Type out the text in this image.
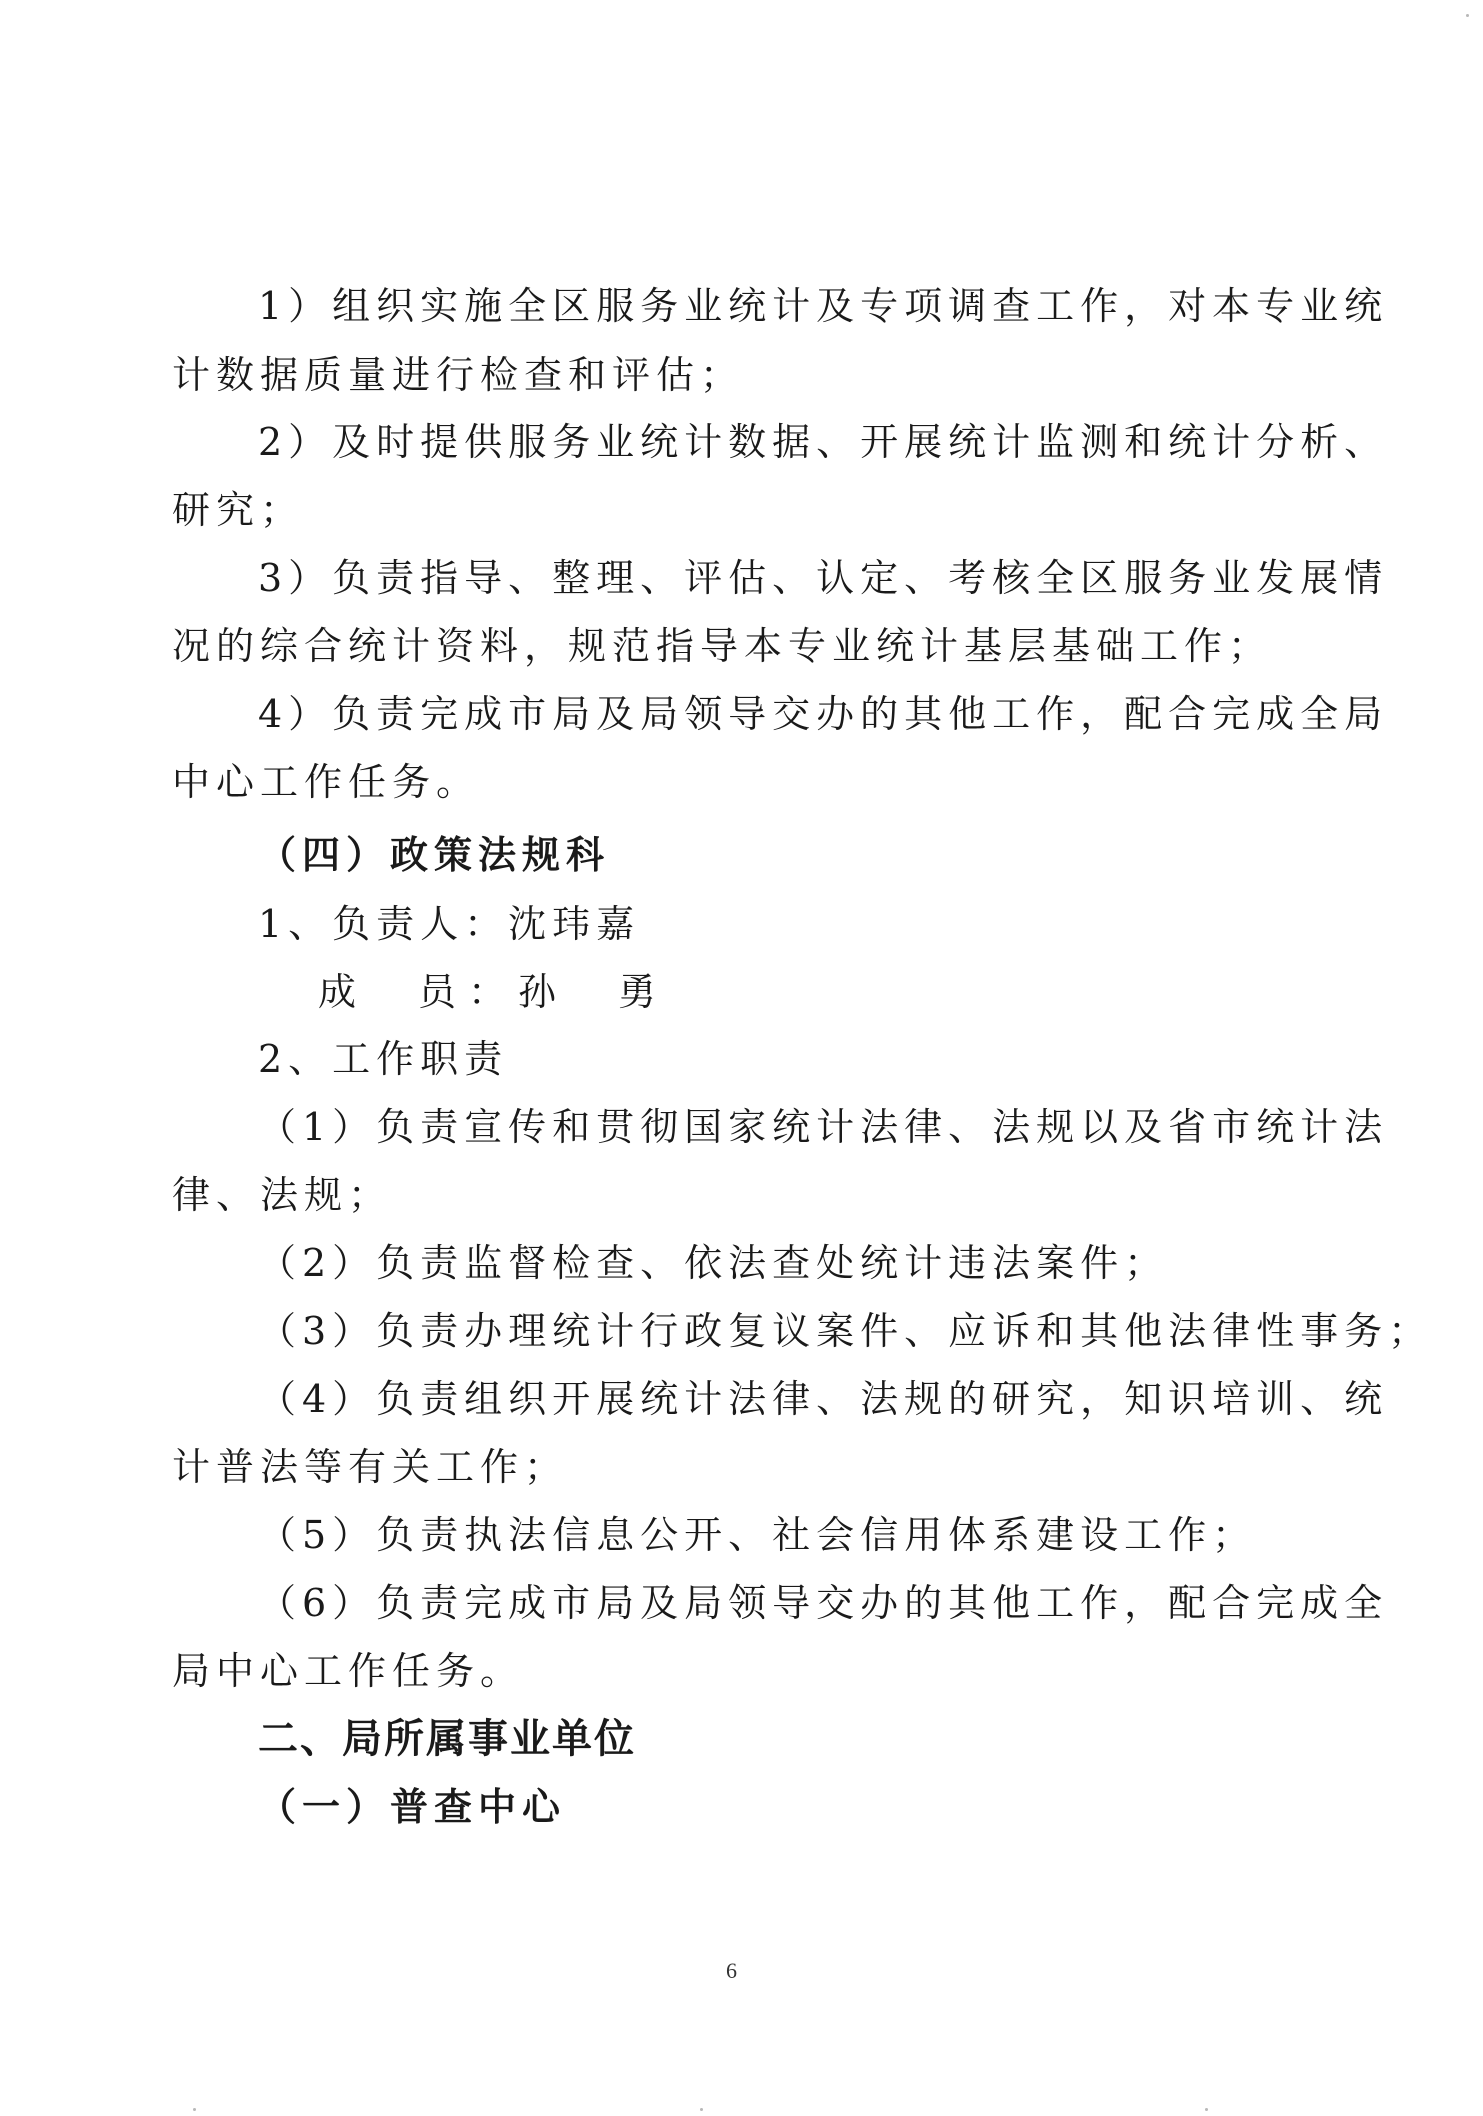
1）组织实施全区服务业统计及专项调查工作，对本专业统
计数据质量进行检查和评估；
2）及时提供服务业统计数据、开展统计监测和统计分析、
研究；
3）负责指导、整理、评估、认定、考核全区服务业发展情
况的综合统计资料，规范指导本专业统计基层基础工作；
4）负责完成市局及局领导交办的其他工作，配合完成全局
中心工作任务。
（四）政策法规科
1、负责人：沈玮嘉
成　员：孙　勇
2、工作职责
（1）负责宣传和贯彻国家统计法律、法规以及省市统计法
律、法规；
（2）负责监督检查、依法查处统计违法案件；
（3）负责办理统计行政复议案件、应诉和其他法律性事务；
（4）负责组织开展统计法律、法规的研究，知识培训、统
计普法等有关工作；
（5）负责执法信息公开、社会信用体系建设工作；
（6）负责完成市局及局领导交办的其他工作，配合完成全
局中心工作任务。
二、局所属事业单位
（一）普查中心
6
